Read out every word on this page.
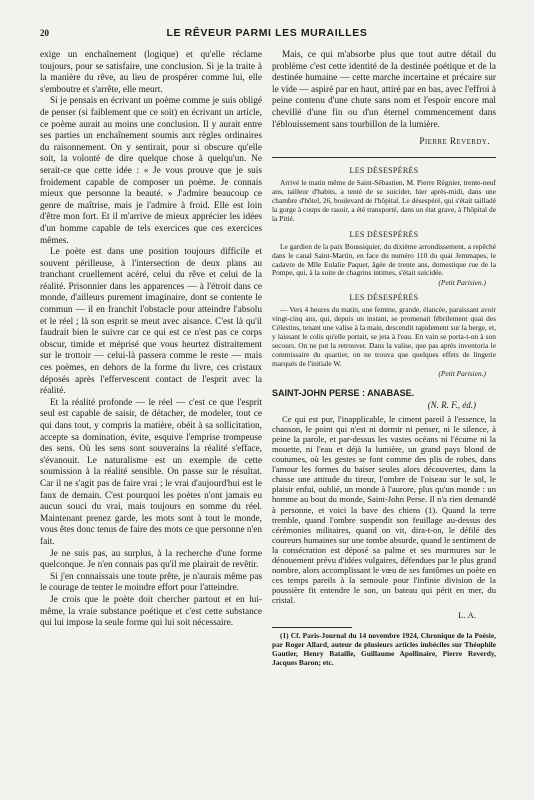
20	LE RÊVEUR PARMI LES MURAILLES

exige un enchaînement (logique) et qu'elle réclame toujours, pour se satisfaire, une conclusion. Si je la traite à la manière du rêve, au lieu de prospérer comme lui, elle s'emboutre et s'arrête, elle meurt.

Si je pensais en écrivant un poème comme je suis obligé de penser (si faiblement que ce soit) en écrivant un article, ce poème aurait au moins une conclusion. Il y aurait entre ses parties un enchaînement soumis aux règles ordinaires du raisonnement. On y sentirait, pour si obscure qu'elle soit, la volonté de dire quelque chose à quelqu'un. Ne serait-ce que cette idée : « Je vous prouve que je suis froidement capable de composer un poème. Je connais mieux que personne la beauté. » J'admire beaucoup ce genre de maîtrise, mais je l'admire à froid. Elle est loin d'être mon fort. Et il m'arrive de mieux apprécier les idées d'un homme capable de tels exercices que ces exercices mêmes.

Le poète est dans une position toujours difficile et souvent périlleuse, à l'intersection de deux plans au tranchant cruellement acéré, celui du rêve et celui de la réalité. Prisonnier dans les apparences — à l'étroit dans ce monde, d'ailleurs purement imaginaire, dont se contente le commun — il en franchit l'obstacle pour atteindre l'absolu et le réel ; là son esprit se meut avec aisance. C'est là qu'il faudrait bien le suivre car ce qui est ce n'est pas ce corps obscur, timide et méprisé que vous heurtez distraitement sur le trottoir — celui-là passera comme le reste — mais ces poèmes, en dehors de la forme du livre, ces cristaux déposés après l'effervescent contact de l'esprit avec la réalité.

Et la réalité profonde — le réel — c'est ce que l'esprit seul est capable de saisir, de détacher, de modeler, tout ce qui dans tout, y compris la matière, obéit à sa sollicitation, accepte sa domination, évite, esquive l'emprise trompeuse des sens. Où les sens sont souverains la réalité s'efface, s'évanouit. Le naturalisme est un exemple de cette soumission à la réalité sensible. On passe sur le résultat. Car il ne s'agit pas de faire vrai ; le vrai d'aujourd'hui est le faux de demain. C'est pourquoi les poètes n'ont jamais eu aucun souci du vrai, mais toujours en somme du réel. Maintenant prenez garde, les mots sont à tout le monde, vous êtes donc tenus de faire des mots ce que personne n'en fait.

Je ne suis pas, au surplus, à la recherche d'une forme quelconque. Je n'en connais pas qu'il me plairait de revêtir.

Si j'en connaissais une toute prête, je n'aurais même pas le courage de tenter le moindre effort pour l'atteindre.

Je crois que le poète doit chercher partout et en lui-même, la vraie substance poétique et c'est cette substance qui lui impose la seule forme qui lui soit nécessaire.

Mais, ce qui m'absorbe plus que tout autre détail du problème c'est cette identité de la destinée poétique et de la destinée humaine — cette marche incertaine et précaire sur le vide — aspiré par en haut, attiré par en bas, avec l'effroi à peine contenu d'une chute sans nom et l'espoir encore mal chevillé d'une fin ou d'un éternel commencement dans l'éblouissement sans tourbillon de la lumière.

Pierre Reverdy.
LES DÉSESPÉRÉS

Arrivé le matin même de Saint-Sébastien, M. Pierre Régnier, trente-neuf ans, tailleur d'habits, a tenté de se suicider, hier après-midi, dans une chambre d'hôtel, 26, boulevard de l'hôpital. Le désespéré, qui s'était tailladé la gorge à coups de rasoir, a été transporté, dans un état grave, à l'hôpital de la Pitié.

LES DÉSESPÉRÉS

Le gardien de la paix Boussiquier, du dixième arrondissement, a repêché dans le canal Saint-Martin, en face du numéro 110 du quai Jemmapes, le cadavre de Mlle Eulalie Paquet, âgée de trente ans, domestique rue de la Pompe, qui, à la suite de chagrins intimes, s'était suicidée.

(Petit Parisien.)
LES DÉSESPÉRÉS

— Vers 4 heures du matin, une femme, grande, élancée, paraissant avoir vingt-cinq ans, qui, depuis un instant, se promenait fébrilement quai des Célestins, tenant une valise à la main, descendit rapidement sur la berge, et, y laissant le colis qu'elle portait, se jeta à l'eau. En vain se porta-t-on à son secours. On ne put la retrouver. Dans la valise, que pas après inventoria le commissaire du quartier, on ne trouva que quelques effets de lingerie marqués de l'initiale W.

(Petit Parisien.)
SAINT-JOHN PERSE : ANABASE.
(N. R. F., éd.)

Ce qui est pur, l'inapplicable, le ciment pareil à l'essence, la chanson, le point qui n'est ni dormir ni penser, ni le silence, à peine la parole, et par-dessus les vastes océans ni l'écume ni la mouette, ni l'eau et déjà la lumière, un grand pays blond de coutumes, où les gestes se font comme des plis de robes, dans l'amour les formes du baiser seules alors découvertes, dans la chasse une attitude du tireur, l'ombre de l'oiseau sur le sol, le plaisir enfui, oublié, un monde à l'aurore, plus qu'un monde : un homme au bout du monde, Saint-John Perse. Il n'a rien demandé à personne, et voici la bave des chiens (1). Quand la terre tremble, quand l'ombre suspendit son feuillage au-dessus des cérémonies militaires, quand on vit, dira-t-on, le défilé des coureurs humaines sur une tombe absurde, quand le sentiment de la consécration est déposé sa palme et ses murmures sur le dénouement prévu d'idées vulgaires, défendues par le plus grand nombre, alors accomplissant le vœu de ses fantômes un poète en ces temps pareils à la semoule pour l'infinie division de la poussière fit entendre le son, un bateau qui périt en mer, du cristal.

L. A.

(1) Cf. Paris-Journal du 14 novembre 1924, Chronique de la Poésie, par Roger Allard, auteur de plusieurs articles imbéciles sur Théophile Gautier, Henry Bataille, Guillaume Apollinaire, Pierre Reverdy, Jacques Baron; etc.
